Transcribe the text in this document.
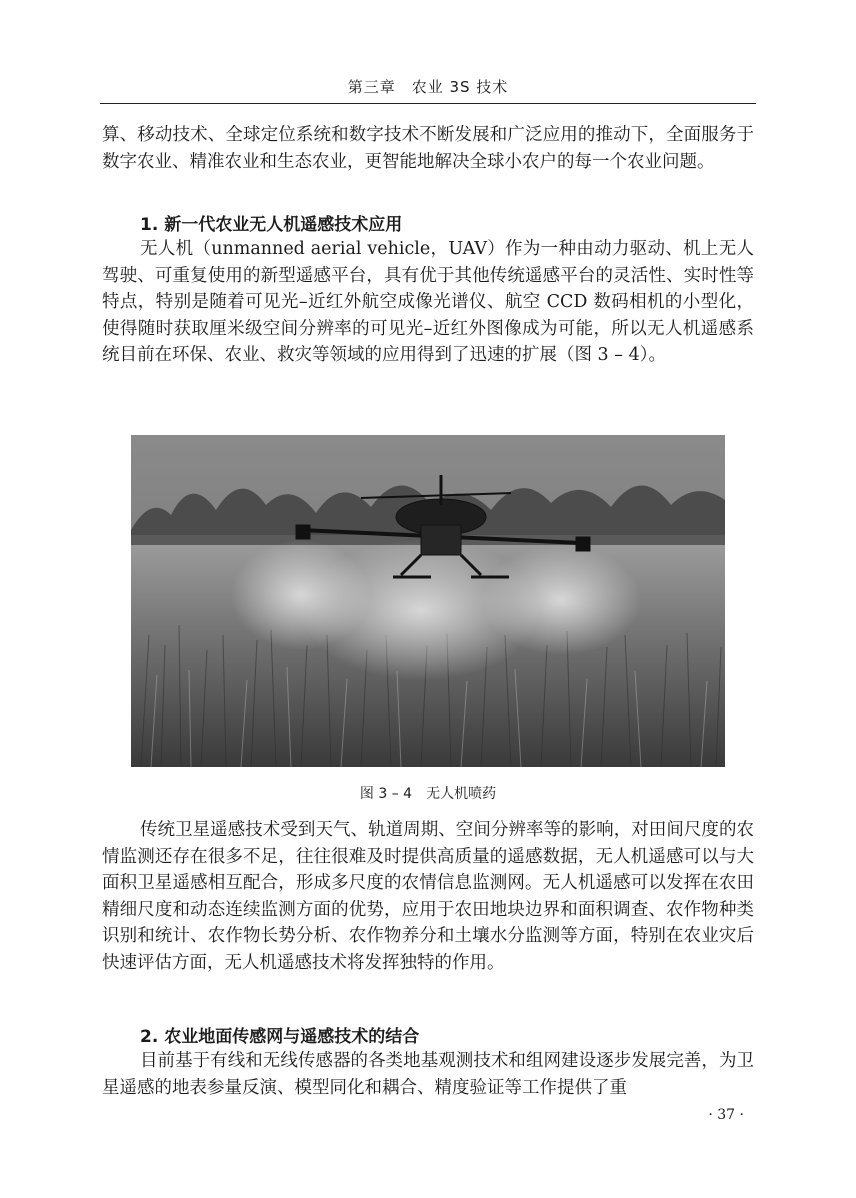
第三章　农业 3S 技术

算、移动技术、全球定位系统和数字技术不断发展和广泛应用的推动下，全面服务于数字农业、精准农业和生态农业，更智能地解决全球小农户的每一个农业问题。

1. 新一代农业无人机遥感技术应用

无人机（unmanned aerial vehicle，UAV）作为一种由动力驱动、机上无人驾驶、可重复使用的新型遥感平台，具有优于其他传统遥感平台的灵活性、实时性等特点，特别是随着可见光–近红外航空成像光谱仪、航空 CCD 数码相机的小型化，使得随时获取厘米级空间分辨率的可见光–近红外图像成为可能，所以无人机遥感系统目前在环保、农业、救灾等领域的应用得到了迅速的扩展（图 3 – 4）。

图 3 – 4　无人机喷药

传统卫星遥感技术受到天气、轨道周期、空间分辨率等的影响，对田间尺度的农情监测还存在很多不足，往往很难及时提供高质量的遥感数据，无人机遥感可以与大面积卫星遥感相互配合，形成多尺度的农情信息监测网。无人机遥感可以发挥在农田精细尺度和动态连续监测方面的优势，应用于农田地块边界和面积调查、农作物种类识别和统计、农作物长势分析、农作物养分和土壤水分监测等方面，特别在农业灾后快速评估方面，无人机遥感技术将发挥独特的作用。

2. 农业地面传感网与遥感技术的结合

目前基于有线和无线传感器的各类地基观测技术和组网建设逐步发展完善，为卫星遥感的地表参量反演、模型同化和耦合、精度验证等工作提供了重

· 37 ·
